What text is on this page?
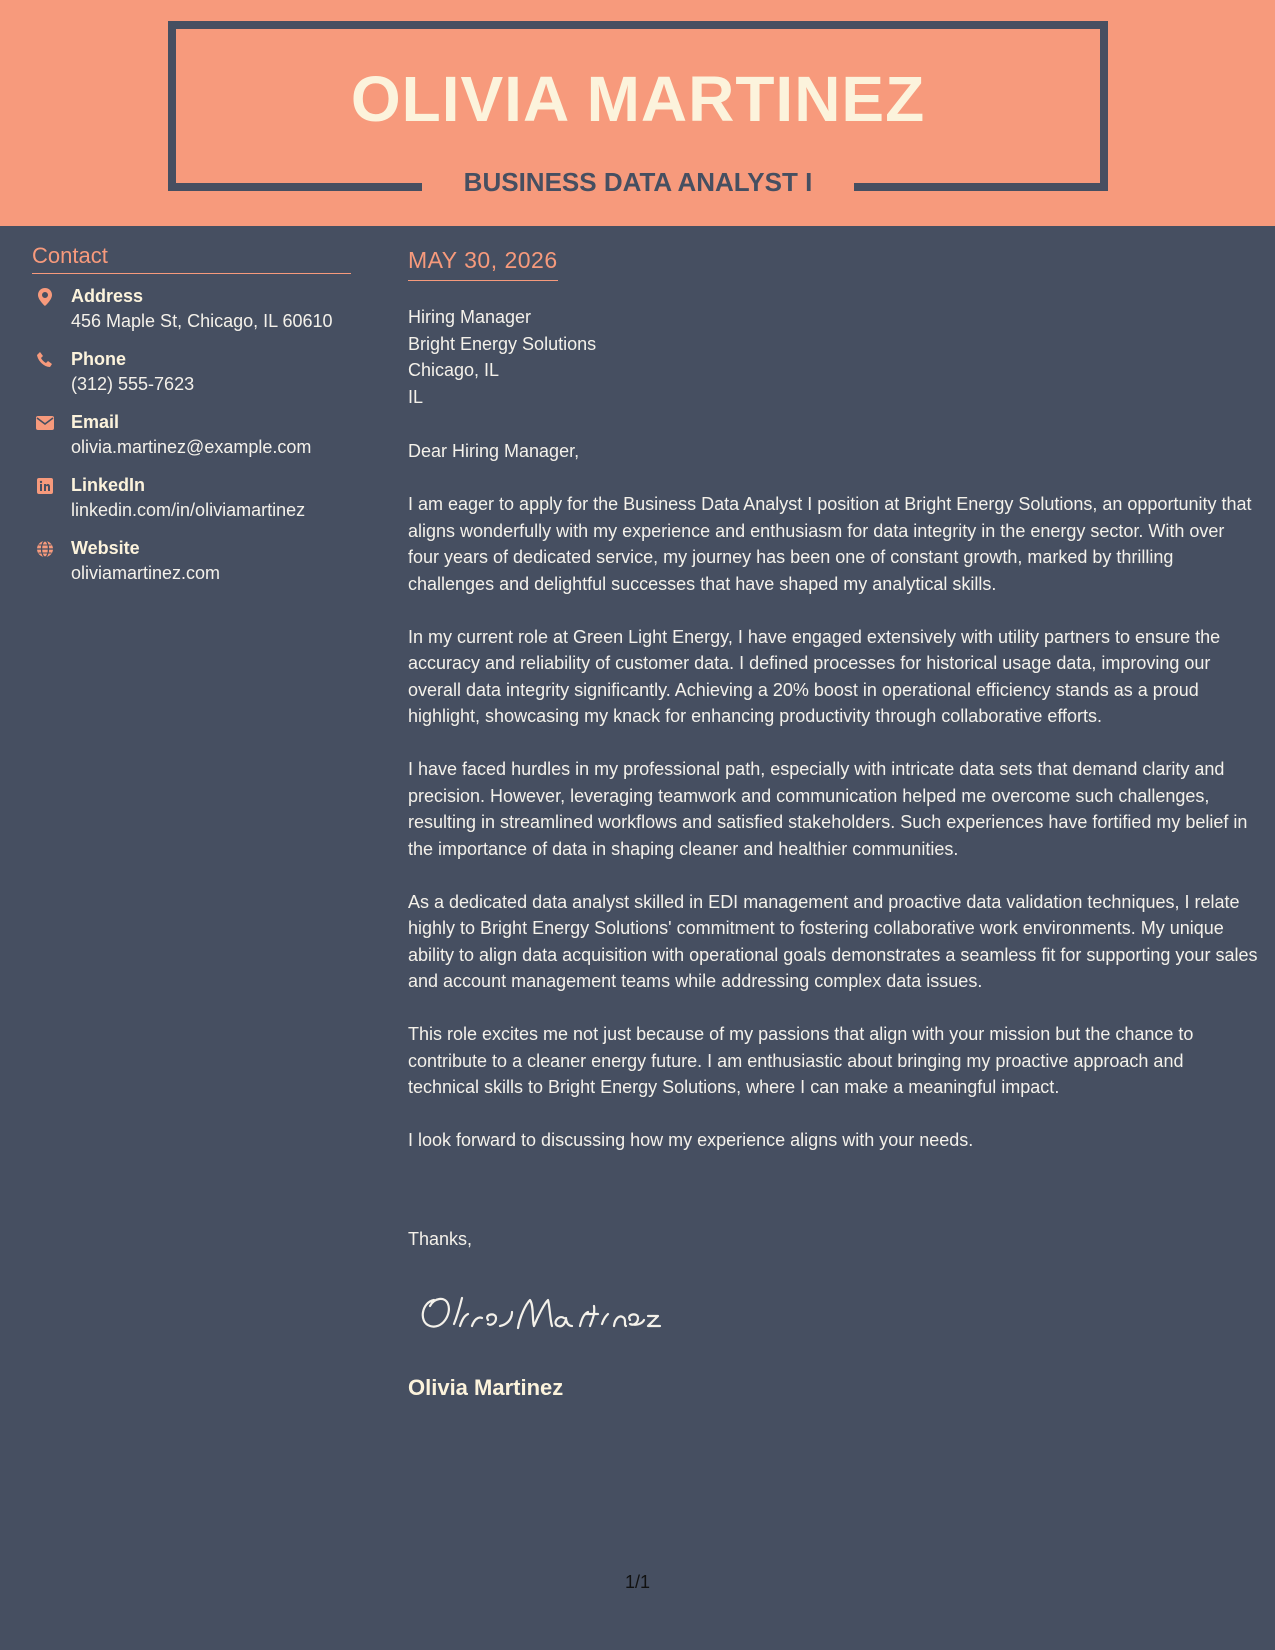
OLIVIA MARTINEZ
BUSINESS DATA ANALYST I
Contact
Address
456 Maple St, Chicago, IL 60610
Phone
(312) 555-7623
Email
olivia.martinez@example.com
LinkedIn
linkedin.com/in/oliviamartinez
Website
oliviamartinez.com
MAY 30, 2026
Hiring Manager
Bright Energy Solutions
Chicago, IL
IL
Dear Hiring Manager,

I am eager to apply for the Business Data Analyst I position at Bright Energy Solutions, an opportunity that aligns wonderfully with my experience and enthusiasm for data integrity in the energy sector. With over four years of dedicated service, my journey has been one of constant growth, marked by thrilling challenges and delightful successes that have shaped my analytical skills.

In my current role at Green Light Energy, I have engaged extensively with utility partners to ensure the accuracy and reliability of customer data. I defined processes for historical usage data, improving our overall data integrity significantly. Achieving a 20% boost in operational efficiency stands as a proud highlight, showcasing my knack for enhancing productivity through collaborative efforts.

I have faced hurdles in my professional path, especially with intricate data sets that demand clarity and precision. However, leveraging teamwork and communication helped me overcome such challenges, resulting in streamlined workflows and satisfied stakeholders. Such experiences have fortified my belief in the importance of data in shaping cleaner and healthier communities.

As a dedicated data analyst skilled in EDI management and proactive data validation techniques, I relate highly to Bright Energy Solutions' commitment to fostering collaborative work environments. My unique ability to align data acquisition with operational goals demonstrates a seamless fit for supporting your sales and account management teams while addressing complex data issues.

This role excites me not just because of my passions that align with your mission but the chance to contribute to a cleaner energy future. I am enthusiastic about bringing my proactive approach and technical skills to Bright Energy Solutions, where I can make a meaningful impact.

I look forward to discussing how my experience aligns with your needs.

Thanks,
Olivia Martinez
1/1
